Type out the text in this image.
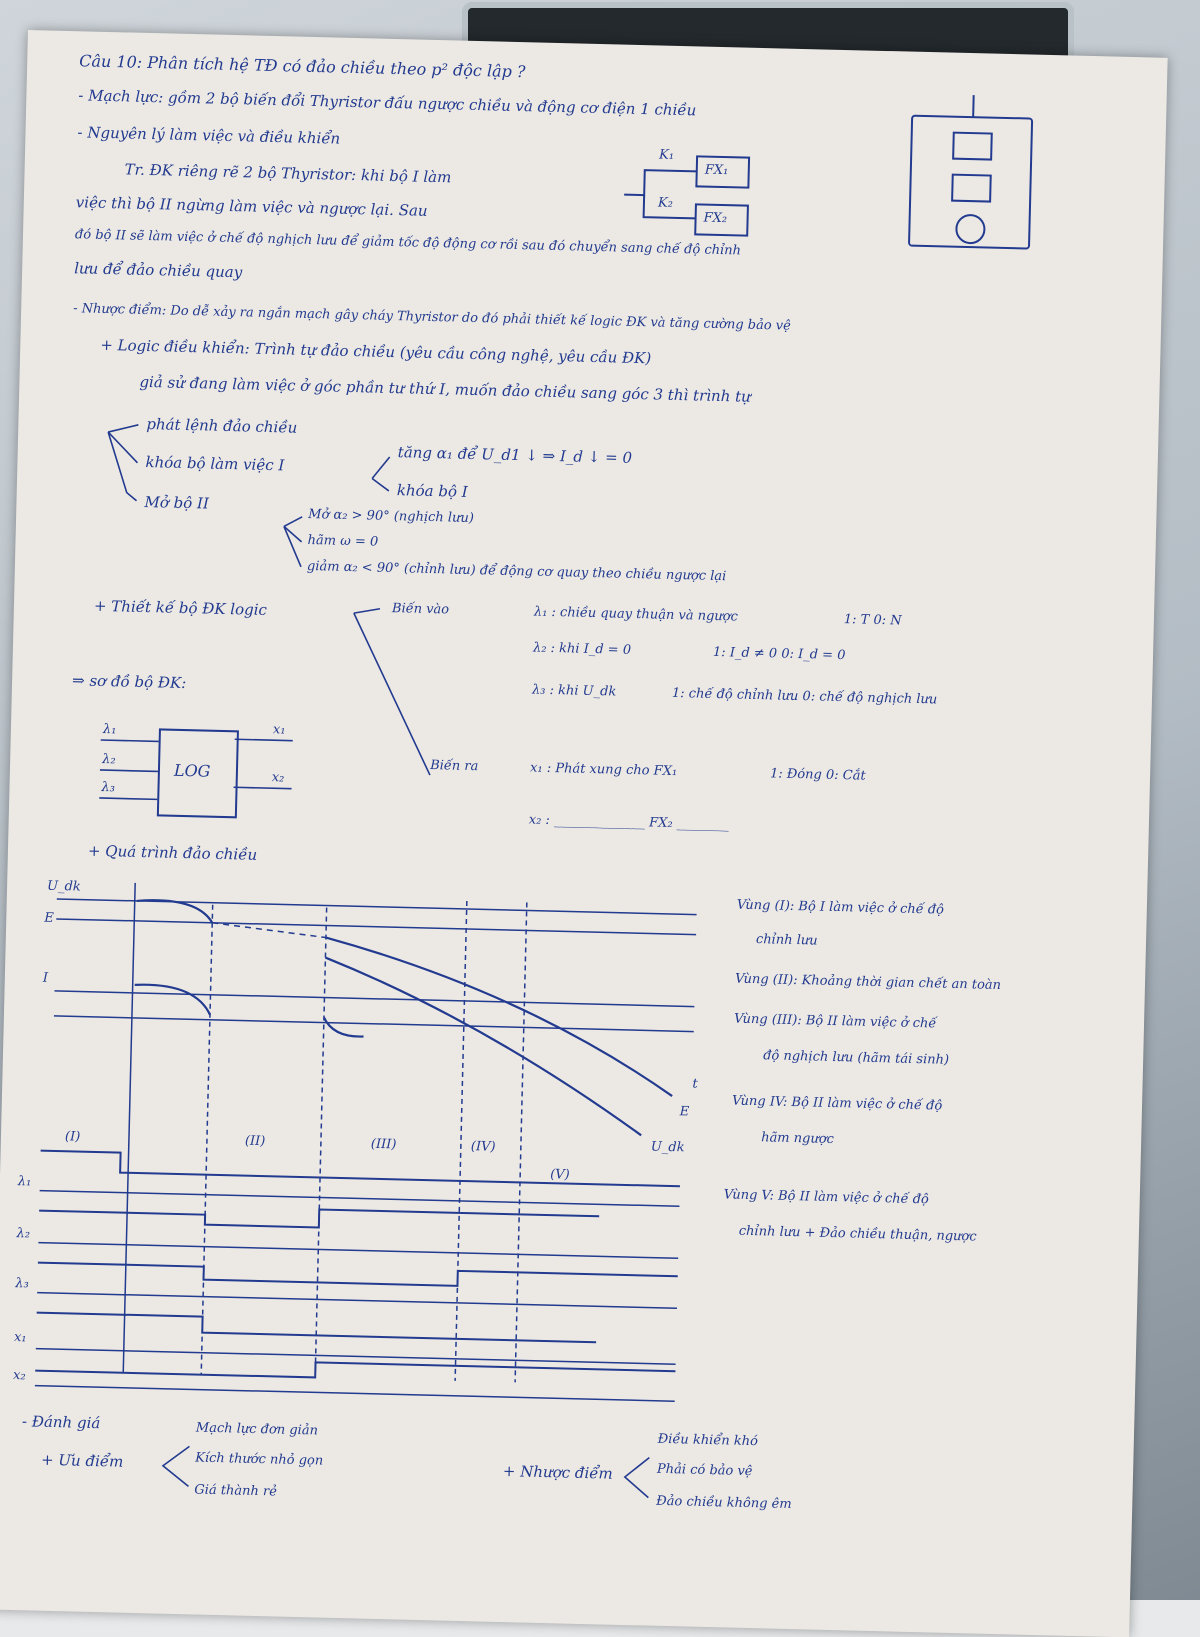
Câu 10: Phân tích hệ TĐ có đảo chiều theo p² độc lập ?
- Mạch lực: gồm 2 bộ biến đổi Thyristor đấu ngược chiều và động cơ điện 1 chiều
- Nguyên lý làm việc và điều khiển
Tr. ĐK riêng rẽ 2 bộ Thyristor: khi bộ I làm
việc thì bộ II ngừng làm việc và ngược lại. Sau
đó bộ II sẽ làm việc ở chế độ nghịch lưu để giảm tốc độ động cơ rồi sau đó chuyển sang chế độ chỉnh
lưu để đảo chiều quay
- Nhược điểm: Do dễ xảy ra ngắn mạch gây cháy Thyristor do đó phải thiết kế logic ĐK và tăng cường bảo vệ
+ Logic điều khiển: Trình tự đảo chiều (yêu cầu công nghệ, yêu cầu ĐK)
giả sử đang làm việc ở góc phần tư thứ I, muốn đảo chiều sang góc 3 thì trình tự
FX₁
FX₂
K₁
K₂
phát lệnh đảo chiều
khóa bộ làm việc I	tăng α₁ để U_d1 ↓ ⇒ I_d ↓ = 0
khóa bộ I
Mở bộ II
Mở α₂ > 90° (nghịch lưu)
hãm ω = 0
giảm α₂ < 90° (chỉnh lưu) để động cơ quay theo chiều ngược lại
+ Thiết kế bộ ĐK logic	Biến vào	λ₁ : chiều quay thuận và ngược	1: T 0: N
λ₂ : khi I_d = 0	1: I_d ≠ 0 0: I_d = 0
λ₃ : khi U_dk	1: chế độ chỉnh lưu 0: chế độ nghịch lưu
Biến ra	x₁ : Phát xung cho FX₁	1: Đóng 0: Cắt
x₂ : ______________ FX₂ ________
⇒ sơ đồ bộ ĐK:
LOG
λ₁
λ₂
λ₃
x₁
x₂
+ Quá trình đảo chiều
U_dk
E
I
t
E
U_dk
(I)	(II)	(III)	(IV)
(V)
λ₁
λ₂
λ₃
x₁
x₂
Vùng (I): Bộ I làm việc ở chế độ
chỉnh lưu
Vùng (II): Khoảng thời gian chết an toàn
Vùng (III): Bộ II làm việc ở chế
độ nghịch lưu (hãm tái sinh)
Vùng IV: Bộ II làm việc ở chế độ
hãm ngược
Vùng V: Bộ II làm việc ở chế độ
chỉnh lưu + Đảo chiều thuận, ngược
- Đánh giá
+ Ưu điểm
Mạch lực đơn giản
Kích thước nhỏ gọn
Giá thành rẻ
+ Nhược điểm
Điều khiển khó
Phải có bảo vệ
Đảo chiều không êm
